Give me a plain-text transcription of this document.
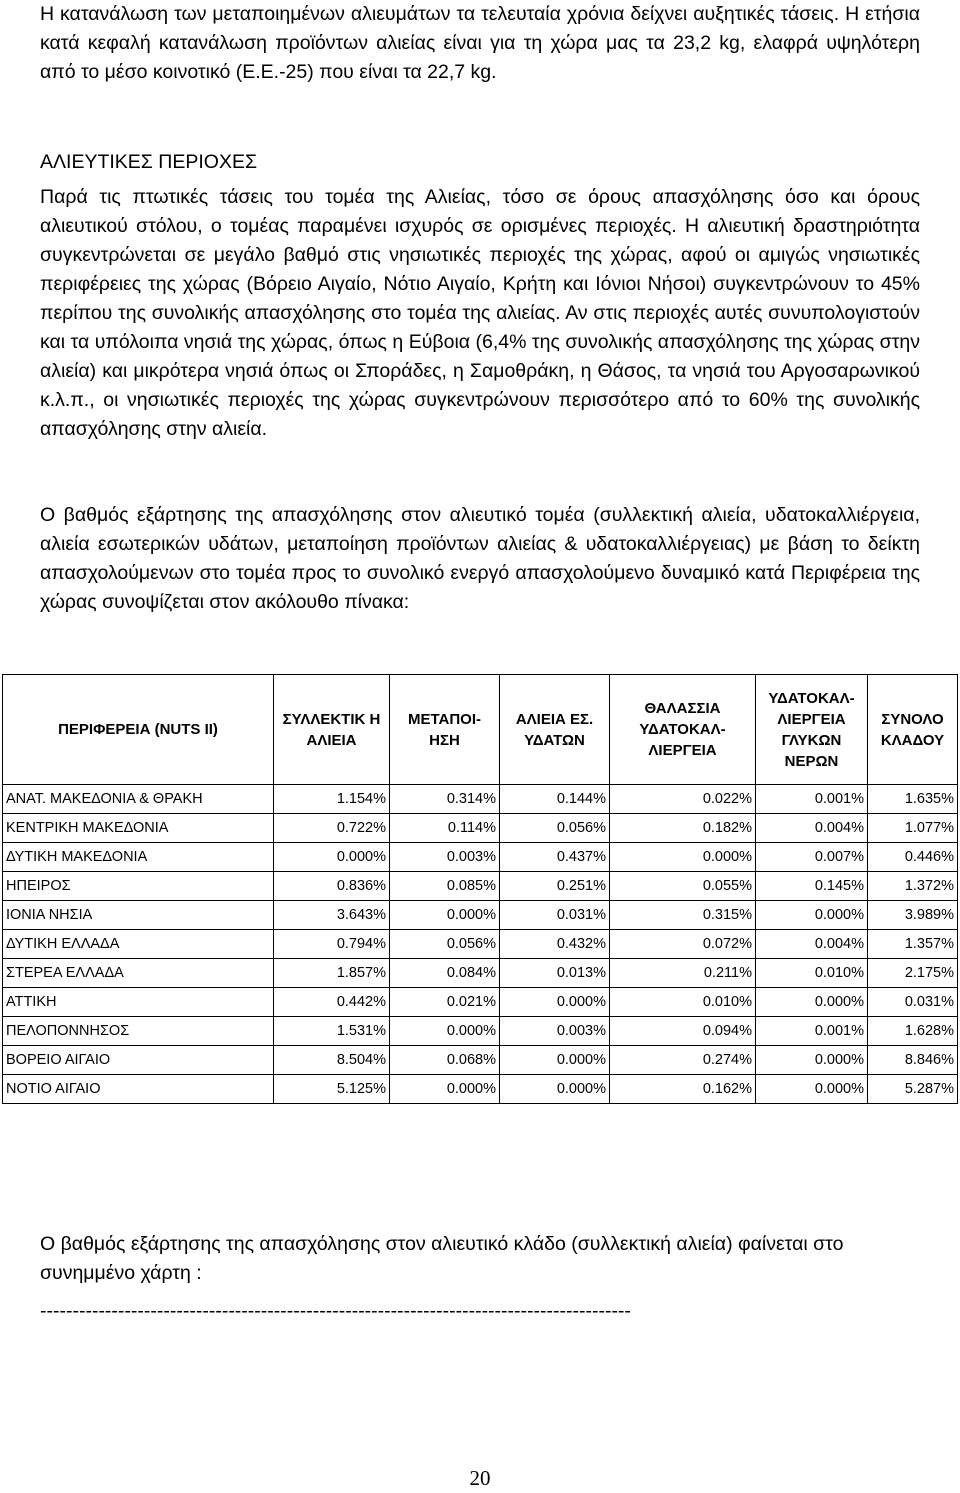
Η κατανάλωση των μεταποιημένων αλιευμάτων τα τελευταία χρόνια δείχνει αυξητικές τάσεις. Η ετήσια κατά κεφαλή κατανάλωση προϊόντων αλιείας είναι για τη χώρα μας τα 23,2 kg, ελαφρά υψηλότερη από το μέσο κοινοτικό (Ε.Ε.-25) που είναι τα 22,7 kg.

ΑΛΙΕΥΤΙΚΕΣ ΠΕΡΙΟΧΕΣ

Παρά τις πτωτικές τάσεις του τομέα της Αλιείας, τόσο σε όρους απασχόλησης όσο και όρους αλιευτικού στόλου, ο τομέας παραμένει ισχυρός σε ορισμένες περιοχές. Η αλιευτική δραστηριότητα συγκεντρώνεται σε μεγάλο βαθμό στις νησιωτικές περιοχές της χώρας, αφού οι αμιγώς νησιωτικές περιφέρειες της χώρας (Βόρειο Αιγαίο, Νότιο Αιγαίο, Κρήτη και Ιόνιοι Νήσοι) συγκεντρώνουν το 45% περίπου της συνολικής απασχόλησης στο τομέα της αλιείας. Αν στις περιοχές αυτές συνυπολογιστούν και τα υπόλοιπα νησιά της χώρας, όπως η Εύβοια (6,4% της συνολικής απασχόλησης της χώρας στην αλιεία) και μικρότερα νησιά όπως οι Σποράδες, η Σαμοθράκη, η Θάσος, τα νησιά του Αργοσαρωνικού κ.λ.π., οι νησιωτικές περιοχές της χώρας συγκεντρώνουν περισσότερο από το 60% της συνολικής απασχόλησης στην αλιεία.

Ο βαθμός εξάρτησης της απασχόλησης στον αλιευτικό τομέα (συλλεκτική αλιεία, υδατοκαλλιέργεια, αλιεία εσωτερικών υδάτων, μεταποίηση προϊόντων αλιείας & υδατοκαλλιέργειας) με βάση το δείκτη απασχολούμενων στο τομέα προς το συνολικό ενεργό απασχολούμενο δυναμικό κατά Περιφέρεια της χώρας συνοψίζεται στον ακόλουθο πίνακα:

ΠΕΡΙΦΕΡΕΙΑ (NUTS II)	ΣΥΛΛΕΚΤΙΚ Η ΑΛΙΕΙΑ	ΜΕΤΑΠΟΙ- ΗΣΗ	ΑΛΙΕΙΑ ΕΣ. ΥΔΑΤΩΝ	ΘΑΛΑΣΣΙΑ ΥΔΑΤΟΚΑΛ- ΛΙΕΡΓΕΙΑ	ΥΔΑΤΟΚΑΛ- ΛΙΕΡΓΕΙΑ ΓΛΥΚΩΝ ΝΕΡΩΝ	ΣΥΝΟΛΟ ΚΛΑΔΟΥ
ΑΝΑΤ. ΜΑΚΕΔΟΝΙΑ & ΘΡΑΚΗ	1.154%	0.314%	0.144%	0.022%	0.001%	1.635%
ΚΕΝΤΡΙΚΗ ΜΑΚΕΔΟΝΙΑ	0.722%	0.114%	0.056%	0.182%	0.004%	1.077%
ΔΥΤΙΚΗ ΜΑΚΕΔΟΝΙΑ	0.000%	0.003%	0.437%	0.000%	0.007%	0.446%
ΗΠΕΙΡΟΣ	0.836%	0.085%	0.251%	0.055%	0.145%	1.372%
ΙΟΝΙΑ ΝΗΣΙΑ	3.643%	0.000%	0.031%	0.315%	0.000%	3.989%
ΔΥΤΙΚΗ ΕΛΛΑΔΑ	0.794%	0.056%	0.432%	0.072%	0.004%	1.357%
ΣΤΕΡΕΑ ΕΛΛΑΔΑ	1.857%	0.084%	0.013%	0.211%	0.010%	2.175%
ΑΤΤΙΚΗ	0.442%	0.021%	0.000%	0.010%	0.000%	0.031%
ΠΕΛΟΠΟΝΝΗΣΟΣ	1.531%	0.000%	0.003%	0.094%	0.001%	1.628%
ΒΟΡΕΙΟ ΑΙΓΑΙΟ	8.504%	0.068%	0.000%	0.274%	0.000%	8.846%
ΝΟΤΙΟ ΑΙΓΑΙΟ	5.125%	0.000%	0.000%	0.162%	0.000%	5.287%

Ο βαθμός εξάρτησης της απασχόλησης στον αλιευτικό κλάδο (συλλεκτική αλιεία) φαίνεται στο συνημμένο χάρτη :

-------------------------------------------------------------------------------------------

20
